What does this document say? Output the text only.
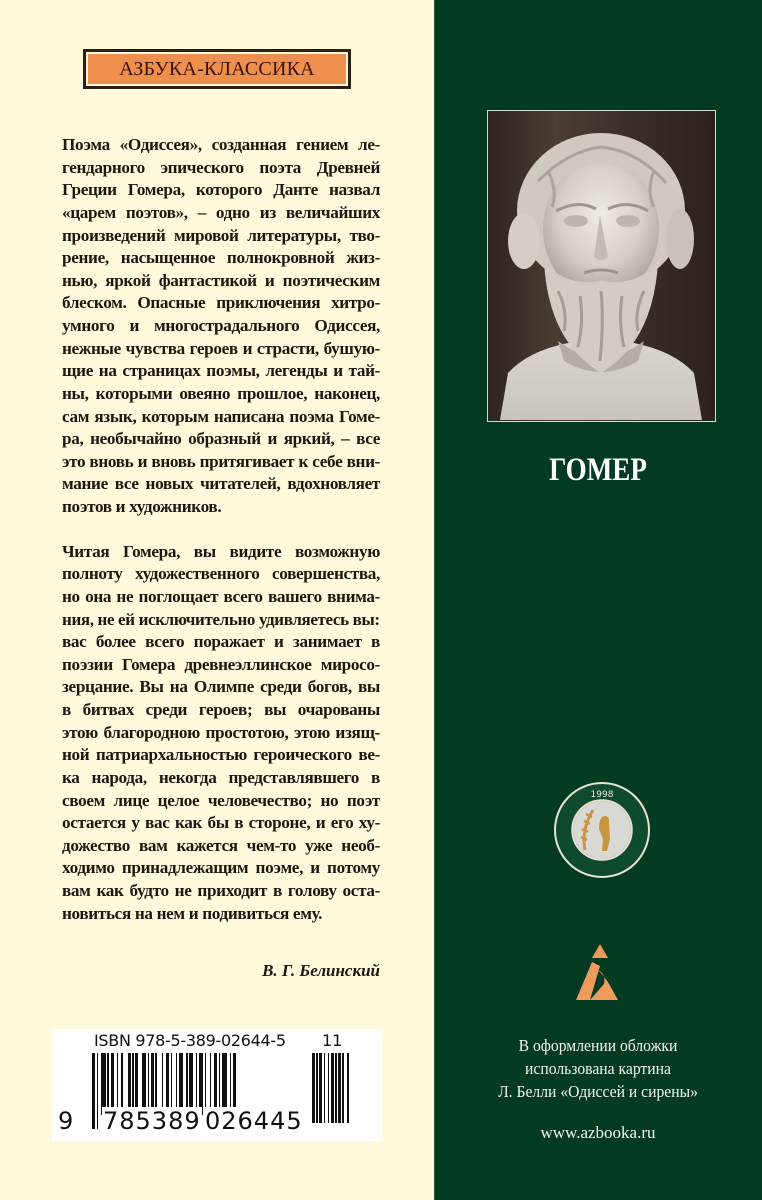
АЗБУКА-КЛАССИКА

Поэма «Одиссея», созданная гением ле-
гендарного эпического поэта Древней
Греции Гомера, которого Данте назвал
«царем поэтов», – одно из величайших
произведений мировой литературы, тво-
рение, насыщенное полнокровной жиз-
нью, яркой фантастикой и поэтическим
блеском. Опасные приключения хитро-
умного и многострадального Одиссея,
нежные чувства героев и страсти, бушую-
щие на страницах поэмы, легенды и тай-
ны, которыми овеяно прошлое, наконец,
сам язык, которым написана поэма Гоме-
ра, необычайно образный и яркий, – все
это вновь и вновь притягивает к себе вни-
мание все новых читателей, вдохновляет
поэтов и художников.

Читая Гомера, вы видите возможную
полноту художественного совершенства,
но она не поглощает всего вашего внима-
ния, не ей исключительно удивляетесь вы:
вас более всего поражает и занимает в
поэзии Гомера древнеэллинское миросо-
зерцание. Вы на Олимпе среди богов, вы
в битвах среди героев; вы очарованы
этою благородною простотою, этою изящ-
ной патриархальностью героического ве-
ка народа, некогда представлявшего в
своем лице целое человечество; но поэт
остается у вас как бы в стороне, и его ху-
дожество вам кажется чем-то уже необ-
ходимо принадлежащим поэме, и потому
вам как будто не приходит в голову оста-
новиться на нем и подивиться ему.

В. Г. Белинский
ISBN 978-5-389-02644-5 11
9 785389 026445
ГОМЕР
1998
В оформлении обложки
использована картина
Л. Белли «Одиссей и сирены»
www.azbooka.ru
